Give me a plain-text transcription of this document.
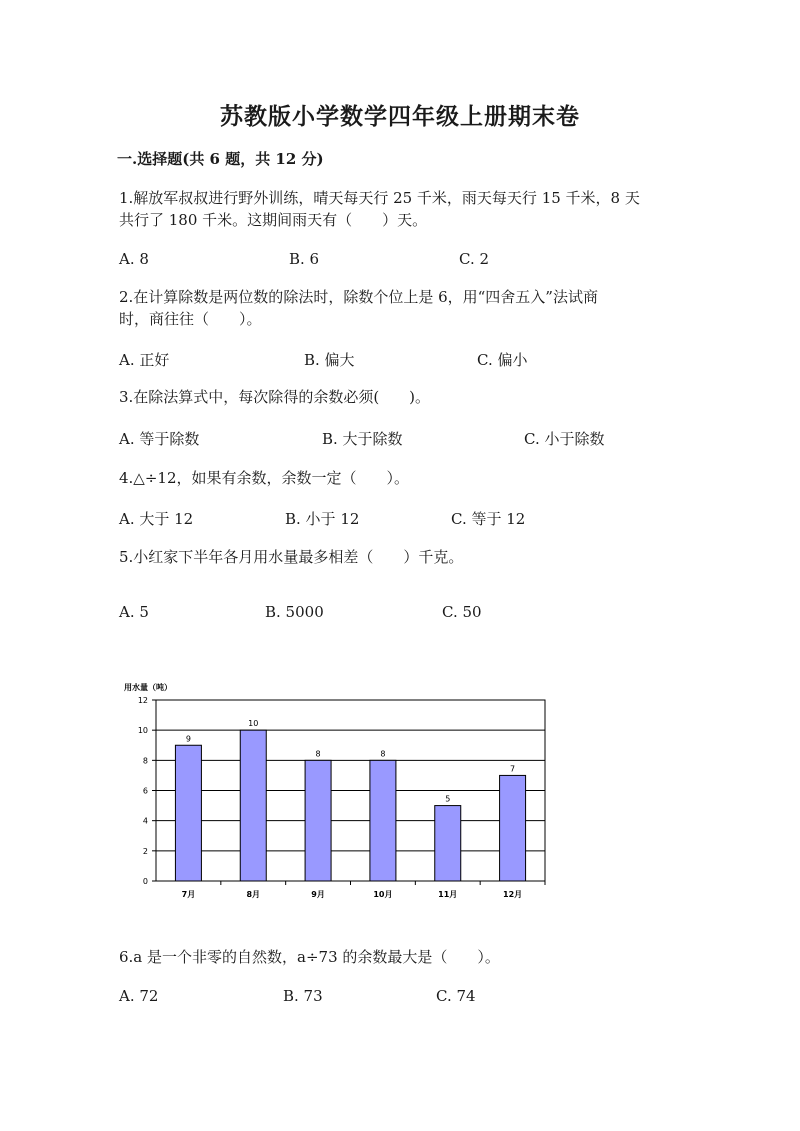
苏教版小学数学四年级上册期末卷
一.选择题(共 6 题，共 12 分)
1.解放军叔叔进行野外训练，晴天每天行 25 千米，雨天每天行 15 千米，8 天
共行了 180 千米。这期间雨天有（　　）天。
A. 8	B. 6	C. 2
2.在计算除数是两位数的除法时，除数个位上是 6，用“四舍五入”法试商
时，商往往（　　）。
A. 正好	B. 偏大	C. 偏小
3.在除法算式中，每次除得的余数必须(　　)。
A. 等于除数	B. 大于除数	C. 小于除数
4.△÷12，如果有余数，余数一定（　　）。
A. 大于 12	B. 小于 12	C. 等于 12
5.小红家下半年各月用水量最多相差（　　）千克。
A. 5	B. 5000	C. 50
用水量（吨）
0
2
4
6
8
10
12
9
7月
10
8月
8
9月
8
10月
5
11月
7
12月
6.a 是一个非零的自然数，a÷73 的余数最大是（　　）。
A. 72	B. 73	C. 74
